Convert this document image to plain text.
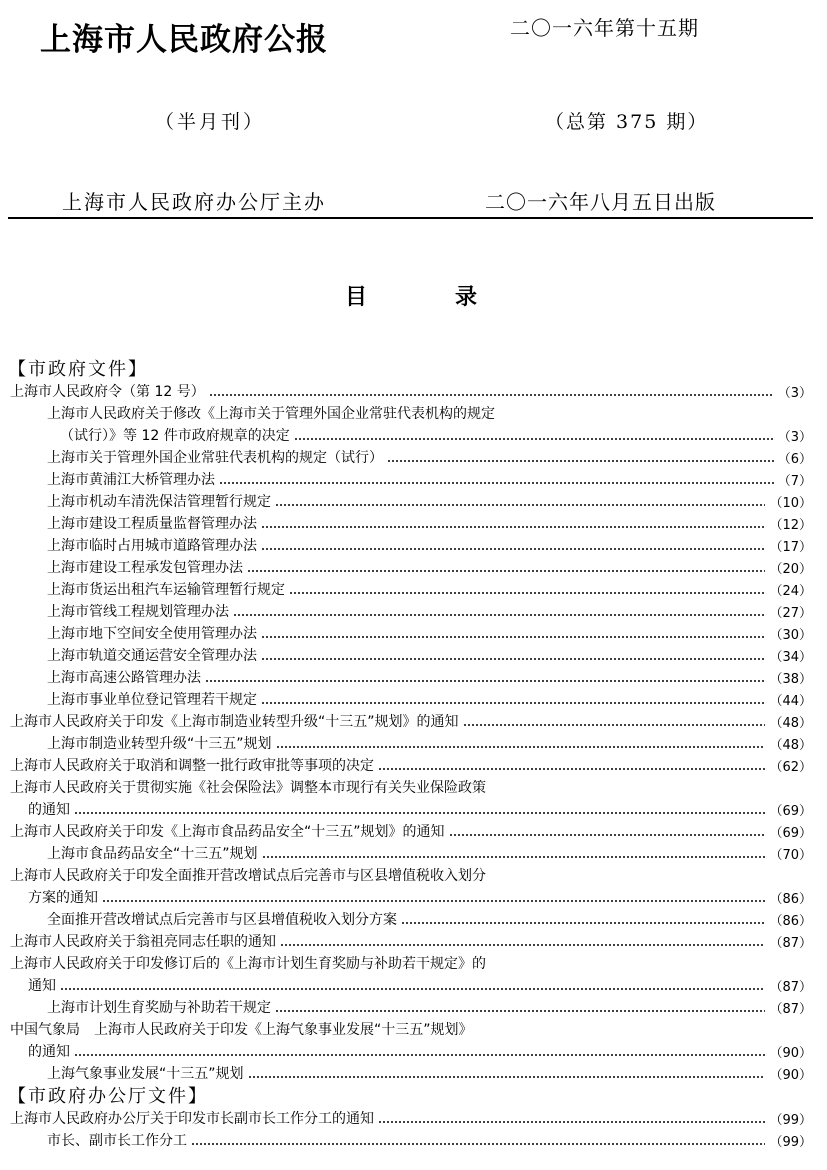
上海市人民政府公报	二〇一六年第十五期
（半月刊）	（总第 375 期）
上海市人民政府办公厅主办	二〇一六年八月五日出版
目	录
【市政府文件】
上海市人民政府令（第 12 号）	（3）
上海市人民政府关于修改《上海市关于管理外国企业常驻代表机构的规定
（试行）》等 12 件市政府规章的决定	（3）
上海市关于管理外国企业常驻代表机构的规定（试行）	（6）
上海市黄浦江大桥管理办法	（7）
上海市机动车清洗保洁管理暂行规定	（10）
上海市建设工程质量监督管理办法	（12）
上海市临时占用城市道路管理办法	（17）
上海市建设工程承发包管理办法	（20）
上海市货运出租汽车运输管理暂行规定	（24）
上海市管线工程规划管理办法	（27）
上海市地下空间安全使用管理办法	（30）
上海市轨道交通运营安全管理办法	（34）
上海市高速公路管理办法	（38）
上海市事业单位登记管理若干规定	（44）
上海市人民政府关于印发《上海市制造业转型升级“十三五”规划》的通知	（48）
上海市制造业转型升级“十三五”规划	（48）
上海市人民政府关于取消和调整一批行政审批等事项的决定	（62）
上海市人民政府关于贯彻实施《社会保险法》调整本市现行有关失业保险政策
的通知	（69）
上海市人民政府关于印发《上海市食品药品安全“十三五”规划》的通知	（69）
上海市食品药品安全“十三五”规划	（70）
上海市人民政府关于印发全面推开营改增试点后完善市与区县增值税收入划分
方案的通知	（86）
全面推开营改增试点后完善市与区县增值税收入划分方案	（86）
上海市人民政府关于翁祖亮同志任职的通知	（87）
上海市人民政府关于印发修订后的《上海市计划生育奖励与补助若干规定》的
通知	（87）
上海市计划生育奖励与补助若干规定	（87）
中国气象局　上海市人民政府关于印发《上海气象事业发展“十三五”规划》
的通知	（90）
上海气象事业发展“十三五”规划	（90）
【市政府办公厅文件】
上海市人民政府办公厅关于印发市长副市长工作分工的通知	（99）
市长、副市长工作分工	（99）
